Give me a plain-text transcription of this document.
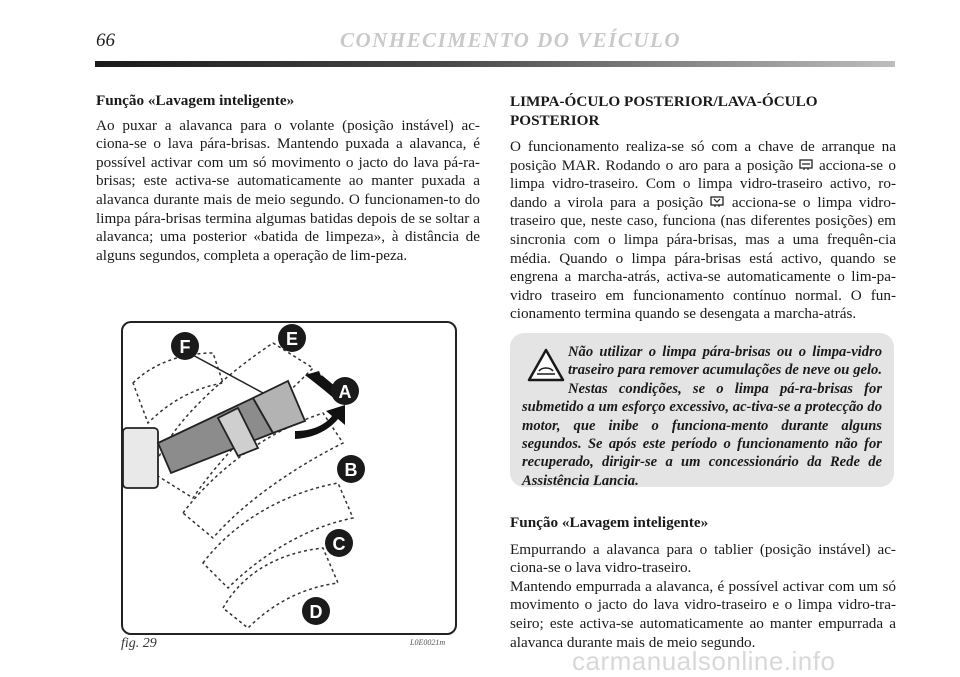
66	CONHECIMENTO DO VEÍCULO

Função «Lavagem inteligente»

Ao puxar a alavanca para o volante (posição instável) ac-ciona-se o lava pára-brisas. Mantendo puxada a alavanca, é possível activar com um só movimento o jacto do lava pá-ra-brisas; este activa-se automaticamente ao manter puxada a alavanca durante mais de meio segundo. O funcionamen-to do limpa pára-brisas termina algumas batidas depois de se soltar a alavanca; uma posterior «batida de limpeza», à distância de alguns segundos, completa a operação de lim-peza.

F	E
A
B
C
D
fig. 29	L0E0021m

LIMPA-ÓCULO POSTERIOR/LAVA-ÓCULO
POSTERIOR

O funcionamento realiza-se só com a chave de arranque na posição MAR. Rodando o aro para a posição  acciona-se o limpa vidro-traseiro. Com o limpa vidro-traseiro activo, ro-dando a virola para a posição  acciona-se o limpa vidro-traseiro que, neste caso, funciona (nas diferentes posições) em sincronia com o limpa pára-brisas, mas a uma frequên-cia média. Quando o limpa pára-brisas está activo, quando se engrena a marcha-atrás, activa-se automaticamente o lim-pa-vidro traseiro em funcionamento contínuo normal. O fun-cionamento termina quando se desengata a marcha-atrás.

Não utilizar o limpa pára-brisas ou o limpa-vidro traseiro para remover acumulações de neve ou gelo. Nestas condições, se o limpa pá-ra-brisas for submetido a um esforço excessivo, ac-tiva-se a protecção do motor, que inibe o funciona-mento durante alguns segundos. Se após este período o funcionamento não for recuperado, dirigir-se a um concessionário da Rede de Assistência Lancia.

Função «Lavagem inteligente»

Empurrando a alavanca para o tablier (posição instável) ac-ciona-se o lava vidro-traseiro.

Mantendo empurrada a alavanca, é possível activar com um só movimento o jacto do lava vidro-traseiro e o limpa vidro-tra-seiro; este activa-se automaticamente ao manter empurrada a alavanca durante mais de meio segundo.

carmanualsonline.info
